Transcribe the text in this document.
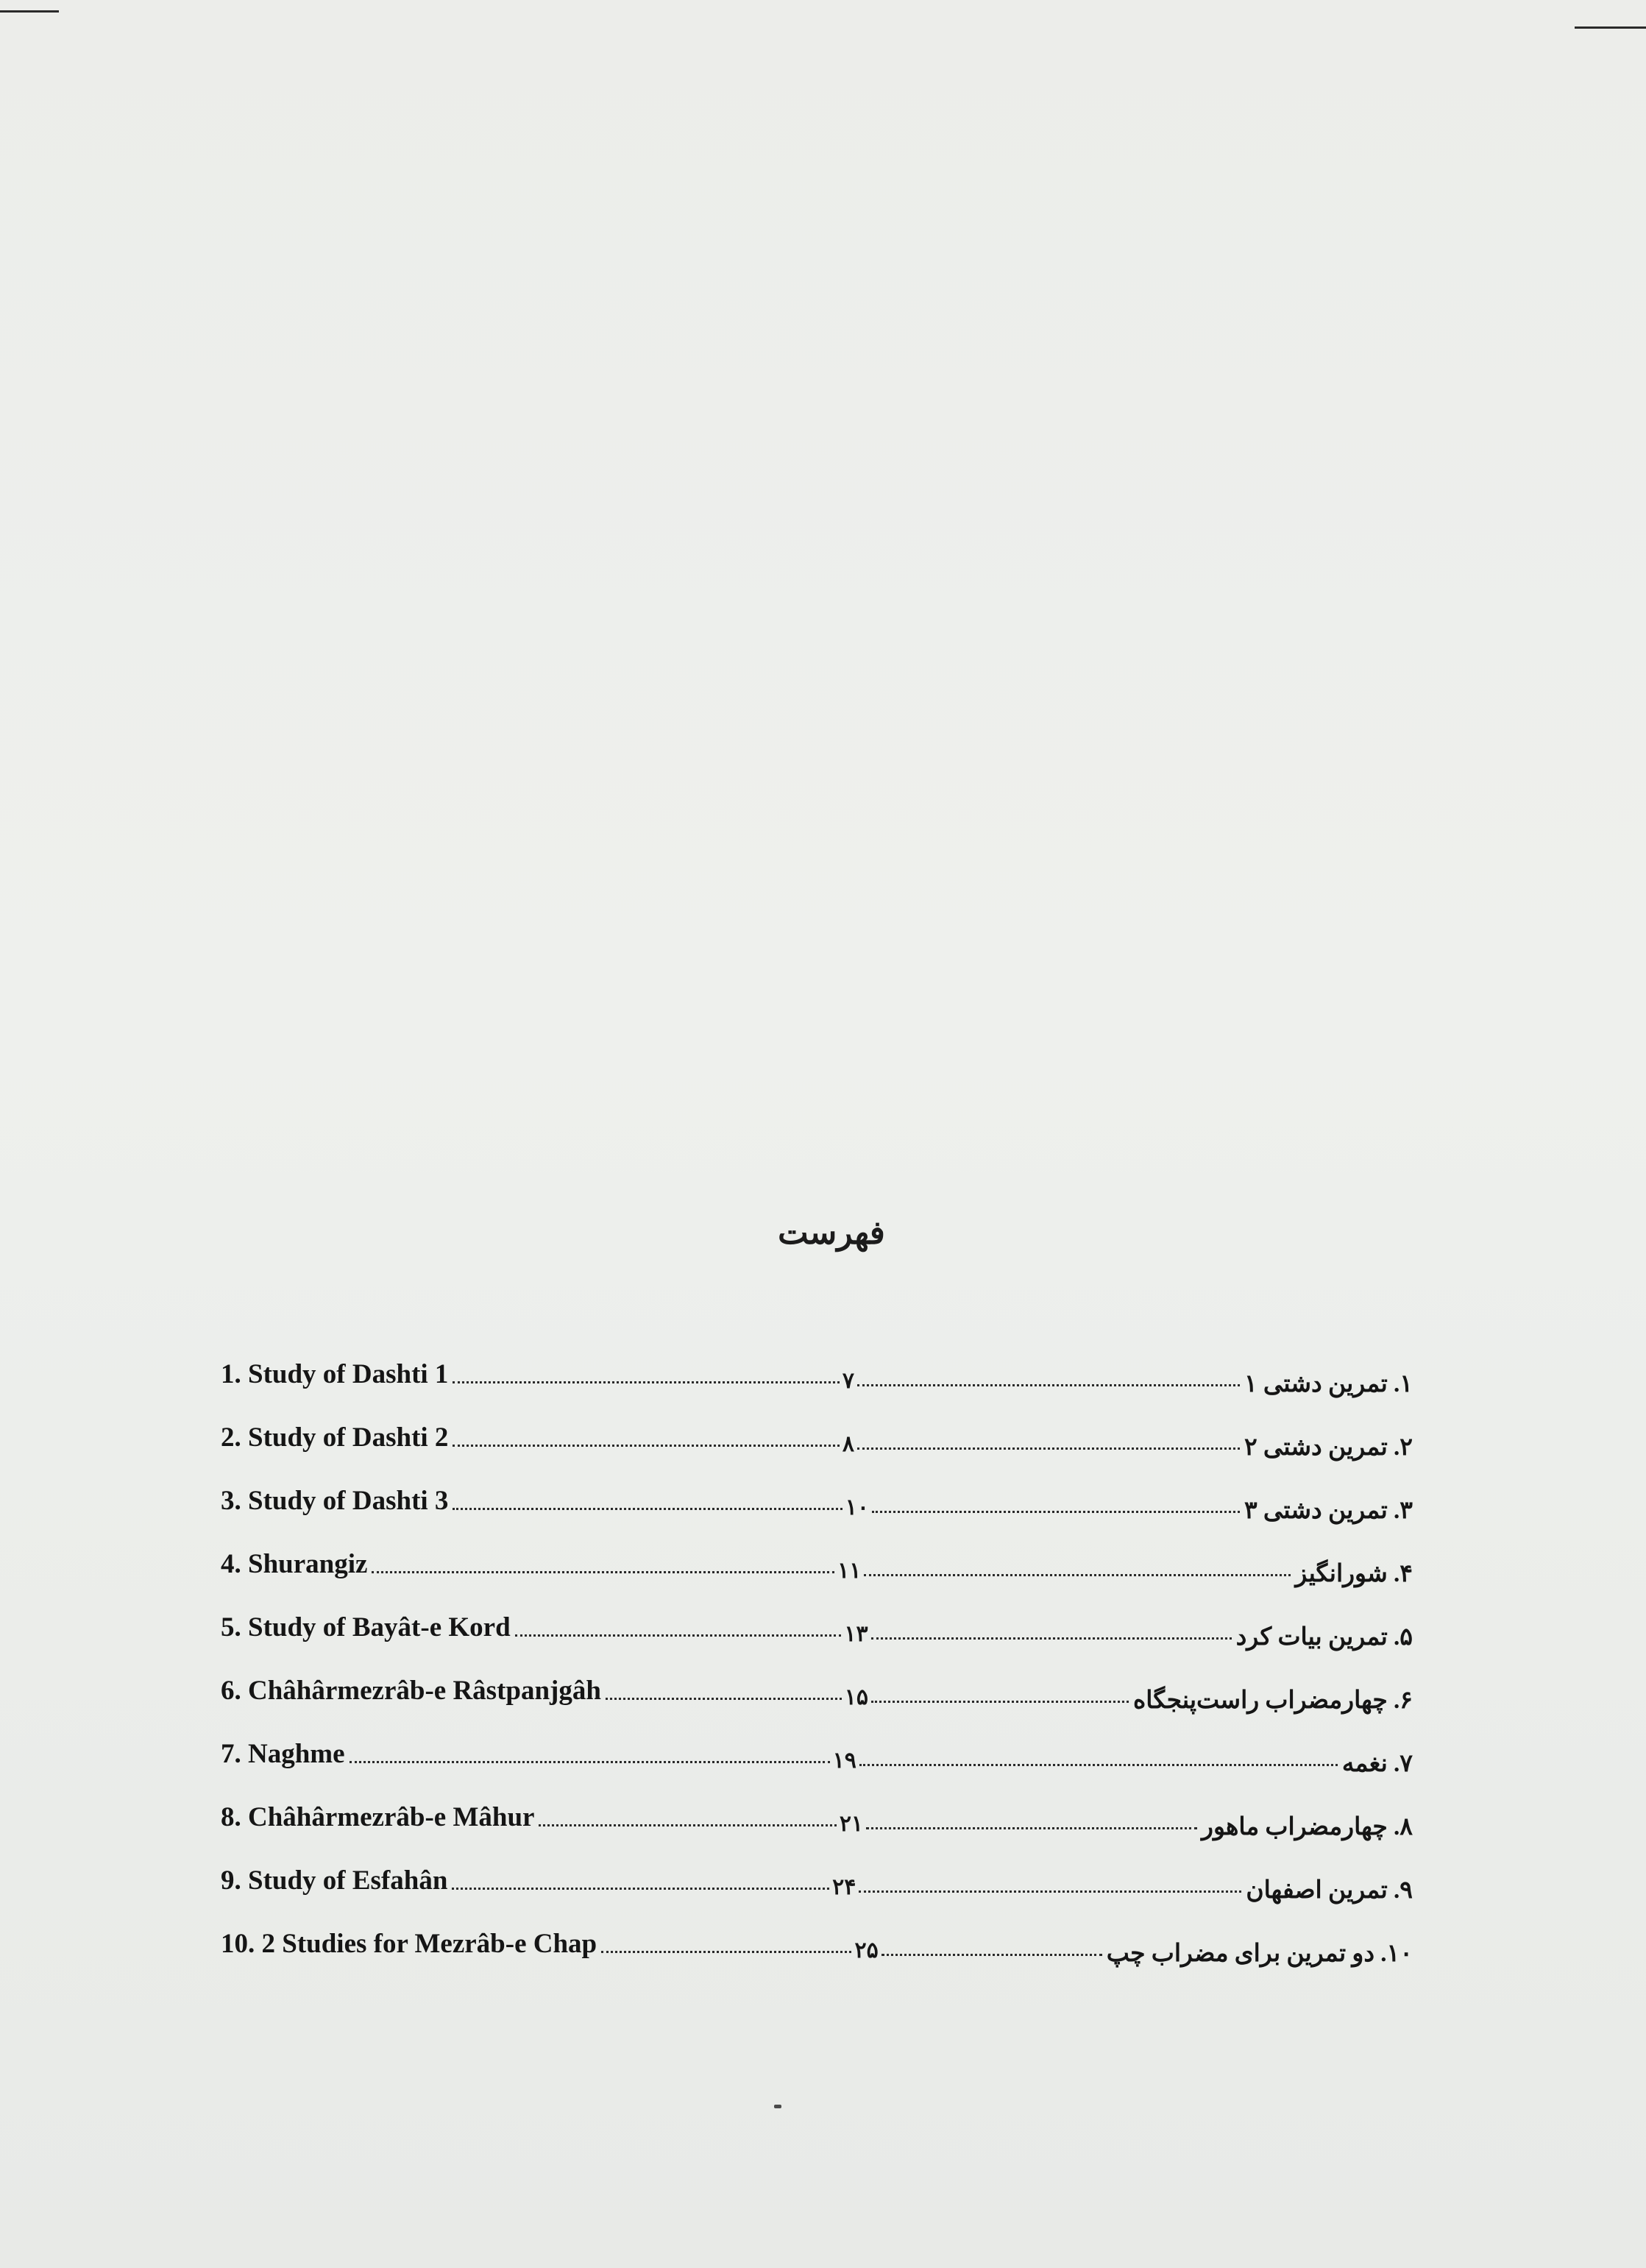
فهرست
1. Study of Dashti 1	۷	۱. تمرین دشتی ۱
2. Study of Dashti 2	۸	۲. تمرین دشتی ۲
3. Study of Dashti 3	۱۰	۳. تمرین دشتی ۳
4. Shurangiz	۱۱	۴. شورانگیز
5. Study of Bayât-e Kord	۱۳	۵. تمرین بیات کرد
6. Châhârmezrâb-e Râstpanjgâh	۱۵	۶. چهارمضراب راست‌پنجگاه
7. Naghme	۱۹	۷. نغمه
8. Châhârmezrâb-e Mâhur	۲۱	۸. چهارمضراب ماهور
9. Study of Esfahân	۲۴	۹. تمرین اصفهان
10. 2 Studies for Mezrâb-e Chap	۲۵	۱۰. دو تمرین برای مضراب چپ
